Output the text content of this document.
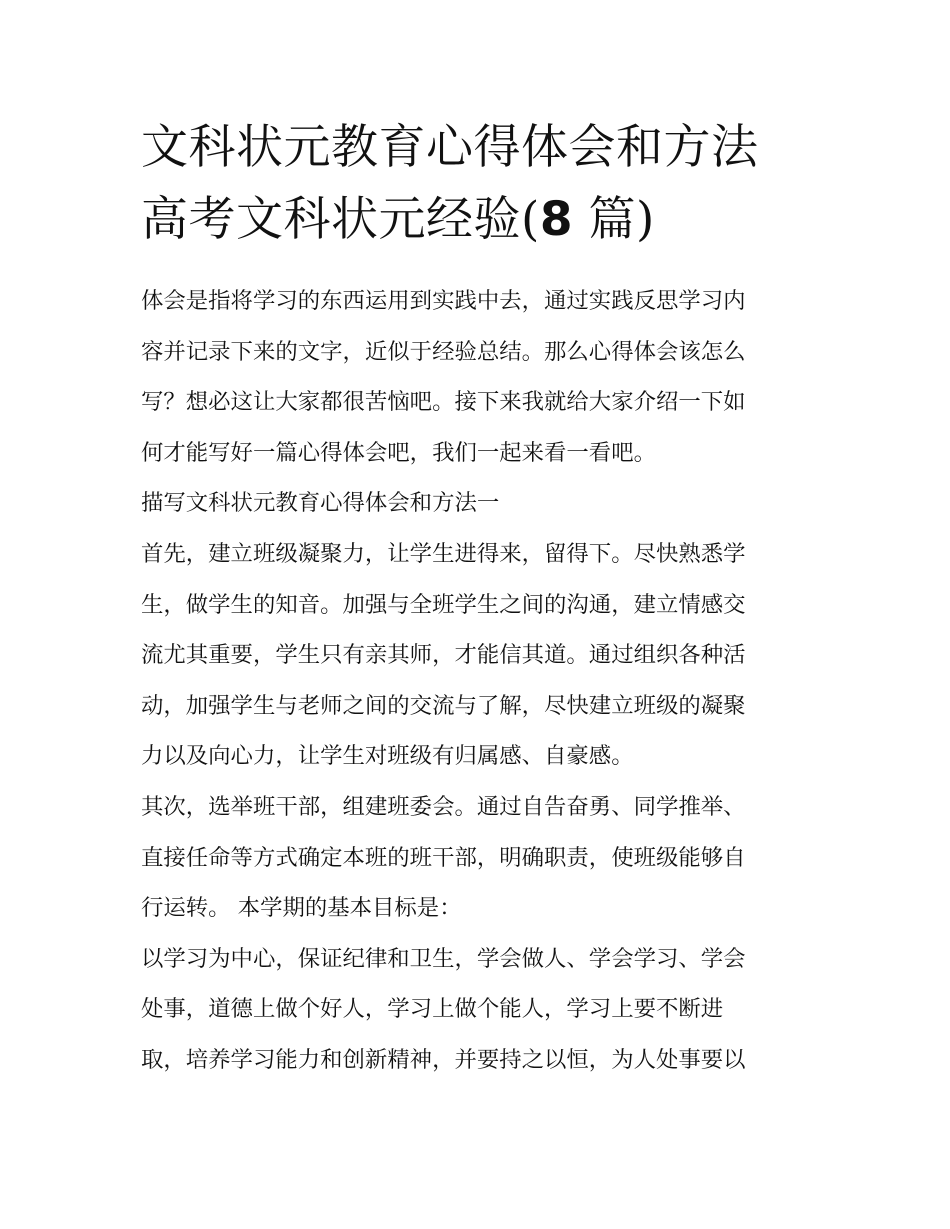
文科状元教育心得体会和方法
高考文科状元经验(8 篇)

体会是指将学习的东西运用到实践中去，通过实践反思学习内
容并记录下来的文字，近似于经验总结。那么心得体会该怎么
写？想必这让大家都很苦恼吧。接下来我就给大家介绍一下如
何才能写好一篇心得体会吧，我们一起来看一看吧。

描写文科状元教育心得体会和方法一

首先，建立班级凝聚力，让学生进得来，留得下。尽快熟悉学
生，做学生的知音。加强与全班学生之间的沟通，建立情感交
流尤其重要，学生只有亲其师，才能信其道。通过组织各种活
动，加强学生与老师之间的交流与了解，尽快建立班级的凝聚
力以及向心力，让学生对班级有归属感、自豪感。

其次，选举班干部，组建班委会。通过自告奋勇、同学推举、
直接任命等方式确定本班的班干部，明确职责，使班级能够自
行运转。 本学期的基本目标是：

以学习为中心，保证纪律和卫生，学会做人、学会学习、学会
处事，道德上做个好人，学习上做个能人，学习上要不断进
取，培养学习能力和创新精神，并要持之以恒，为人处事要以
